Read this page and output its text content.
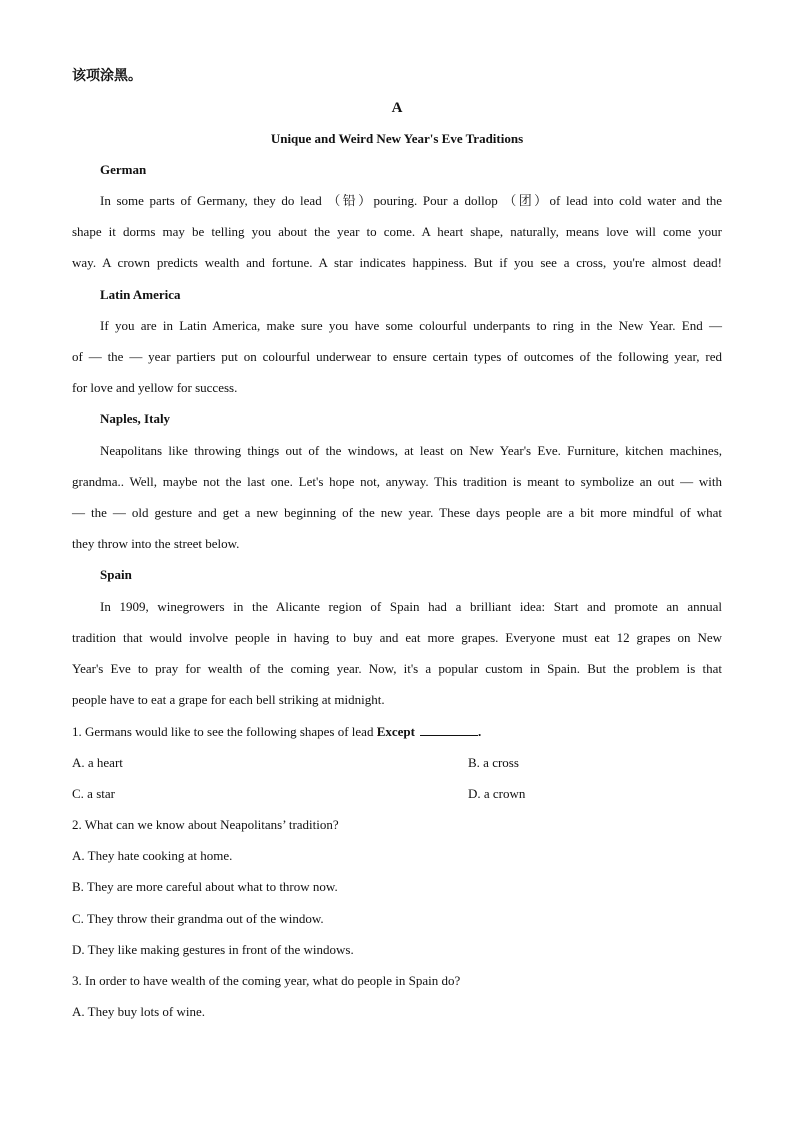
该项涂黑。
A
Unique and Weird New Year's Eve Traditions
German
In some parts of Germany, they do lead （铅）pouring. Pour a dollop （团）of lead into cold water and the
shape it dorms may be telling you about the year to come. A heart shape, naturally, means love will come your
way. A crown predicts wealth and fortune. A star indicates happiness. But if you see a cross, you're almost dead!
Latin America
If you are in Latin America, make sure you have some colourful underpants to ring in the New Year. End —
of — the — year partiers put on colourful underwear to ensure certain types of outcomes of the following year, red
for love and yellow for success.
Naples, Italy
Neapolitans like throwing things out of the windows, at least on New Year's Eve. Furniture, kitchen machines,
grandma.. Well, maybe not the last one. Let's hope not, anyway. This tradition is meant to symbolize an out — with
— the — old gesture and get a new beginning of the new year. These days people are a bit more mindful of what
they throw into the street below.
Spain
In 1909, winegrowers in the Alicante region of Spain had a brilliant idea: Start and promote an annual
tradition that would involve people in having to buy and eat more grapes. Everyone must eat 12 grapes on New
Year's Eve to pray for wealth of the coming year. Now, it's a popular custom in Spain. But the problem is that
people have to eat a grape for each bell striking at midnight.
1. Germans would like to see the following shapes of lead Except	.
A. a heart	B. a cross
C. a star	D. a crown
2. What can we know about Neapolitans’ tradition?
A. They hate cooking at home.
B. They are more careful about what to throw now.
C. They throw their grandma out of the window.
D. They like making gestures in front of the windows.
3. In order to have wealth of the coming year, what do people in Spain do?
A. They buy lots of wine.
